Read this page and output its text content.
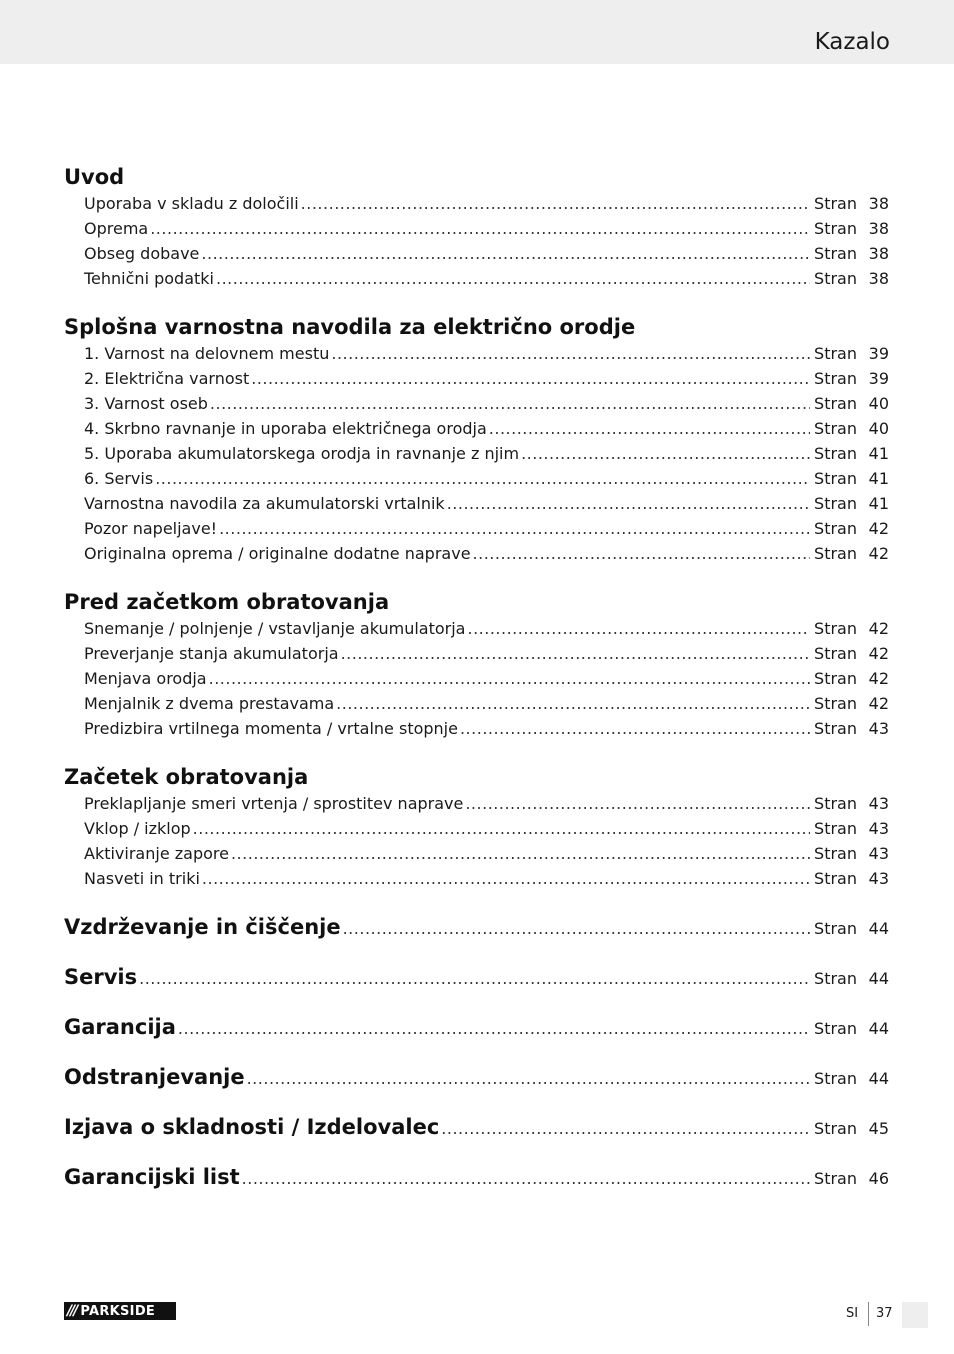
Kazalo
Uvod
Uporaba v skladu z določili .....	Stran 38
Oprema .....	Stran 38
Obseg dobave .....	Stran 38
Tehnični podatki .....	Stran 38
Splošna varnostna navodila za električno orodje
1. Varnost na delovnem mestu .....	Stran 39
2. Električna varnost .....	Stran 39
3. Varnost oseb .....	Stran 40
4. Skrbno ravnanje in uporaba električnega orodja .....	Stran 40
5. Uporaba akumulatorskega orodja in ravnanje z njim .....	Stran 41
6. Servis .....	Stran 41
Varnostna navodila za akumulatorski vrtalnik .....	Stran 41
Pozor napeljave! .....	Stran 42
Originalna oprema / originalne dodatne naprave .....	Stran 42
Pred začetkom obratovanja
Snemanje / polnjenje / vstavljanje akumulatorja .....	Stran 42
Preverjanje stanja akumulatorja .....	Stran 42
Menjava orodja .....	Stran 42
Menjalnik z dvema prestavama .....	Stran 42
Predizbira vrtilnega momenta / vrtalne stopnje .....	Stran 43
Začetek obratovanja
Preklapljanje smeri vrtenja / sprostitev naprave .....	Stran 43
Vklop / izklop .....	Stran 43
Aktiviranje zapore .....	Stran 43
Nasveti in triki .....	Stran 43
Vzdrževanje in čiščenje .....	Stran 44
Servis .....	Stran 44
Garancija .....	Stran 44
Odstranjevanje .....	Stran 44
Izjava o skladnosti / Izdelovalec .....	Stran 45
Garancijski list .....	Stran 46
/// PARKSIDE	SI 37
